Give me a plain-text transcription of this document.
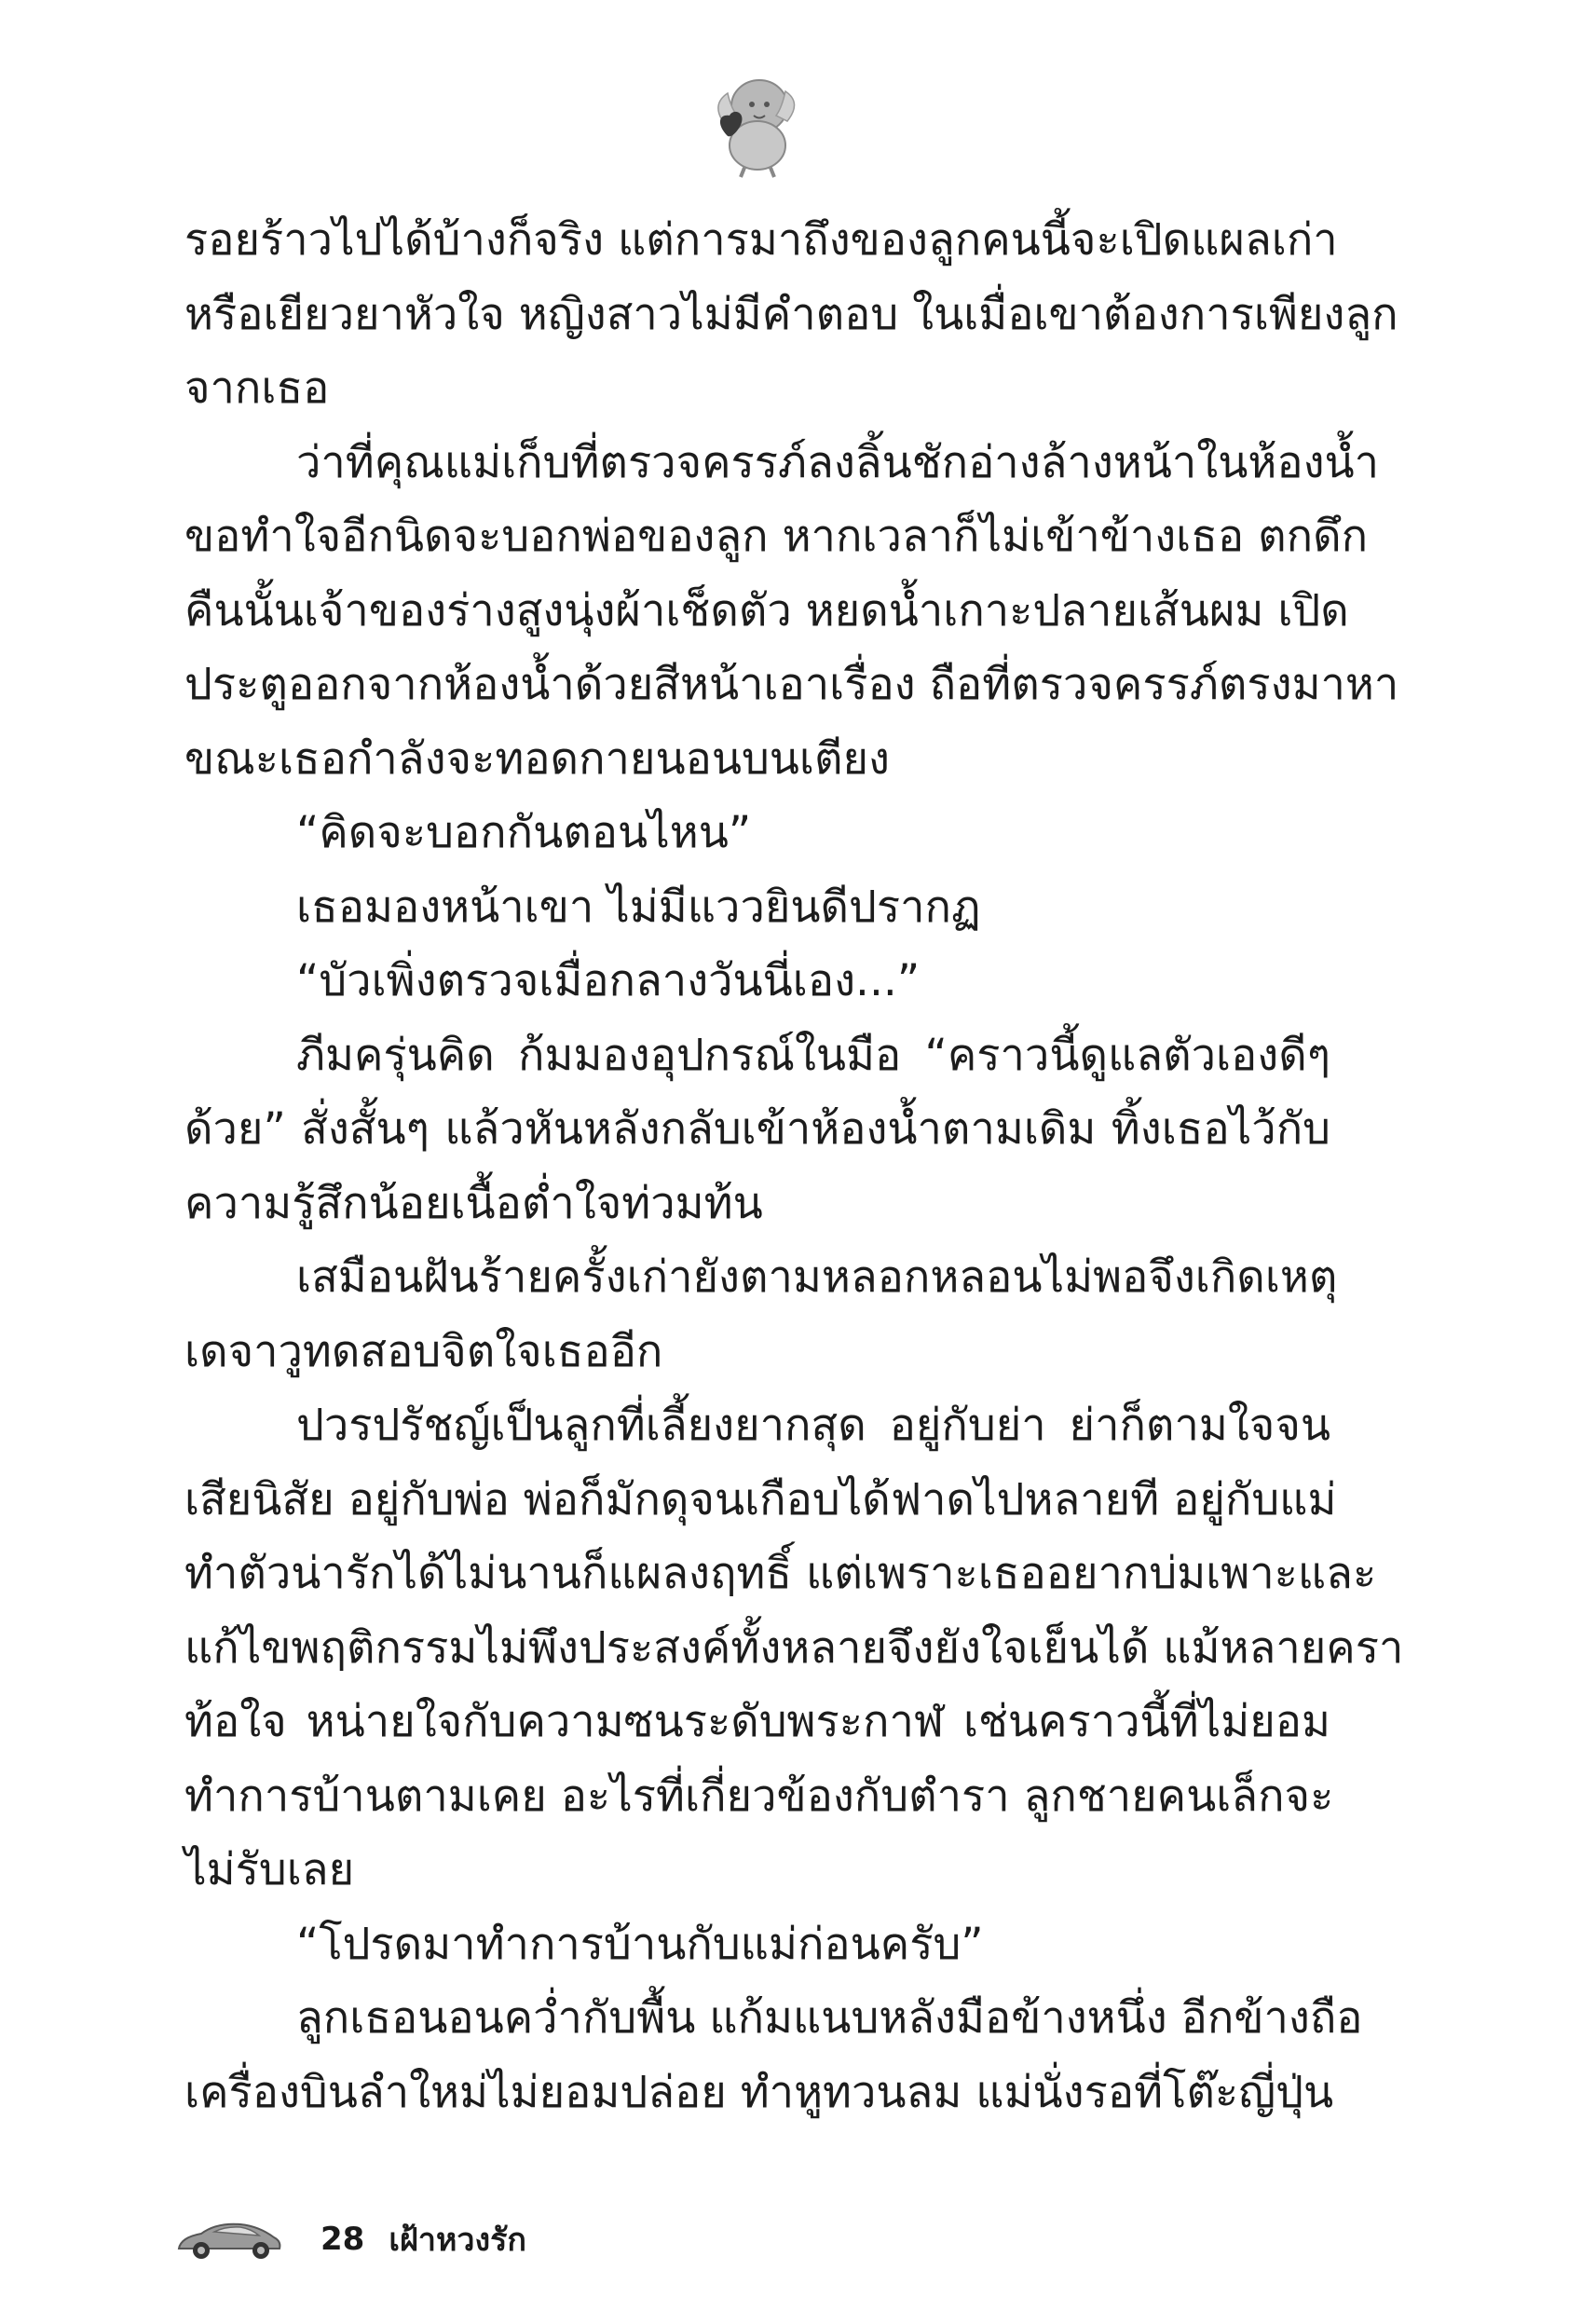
รอยร้าวไปได้บ้างก็จริง แต่การมาถึงของลูกคนนี้จะเปิดแผลเก่า
หรือเยียวยาหัวใจ หญิงสาวไม่มีคำตอบ ในเมื่อเขาต้องการเพียงลูก
จากเธอ
ว่าที่คุณแม่เก็บที่ตรวจครรภ์ลงลิ้นชักอ่างล้างหน้าในห้องน้ำ
ขอทำใจอีกนิดจะบอกพ่อของลูก หากเวลาก็ไม่เข้าข้างเธอ ตกดึก
คืนนั้นเจ้าของร่างสูงนุ่งผ้าเช็ดตัว หยดน้ำเกาะปลายเส้นผม เปิด
ประตูออกจากห้องน้ำด้วยสีหน้าเอาเรื่อง ถือที่ตรวจครรภ์ตรงมาหา
ขณะเธอกำลังจะทอดกายนอนบนเตียง
“คิดจะบอกกันตอนไหน”
เธอมองหน้าเขา ไม่มีแววยินดีปรากฏ
“บัวเพิ่งตรวจเมื่อกลางวันนี่เอง...”
ภีมครุ่นคิด ก้มมองอุปกรณ์ในมือ “คราวนี้ดูแลตัวเองดีๆ
ด้วย” สั่งสั้นๆ แล้วหันหลังกลับเข้าห้องน้ำตามเดิม ทิ้งเธอไว้กับ
ความรู้สึกน้อยเนื้อต่ำใจท่วมท้น
เสมือนฝันร้ายครั้งเก่ายังตามหลอกหลอนไม่พอจึงเกิดเหตุ
เดจาวูทดสอบจิตใจเธออีก
ปวรปรัชญ์เป็นลูกที่เลี้ยงยากสุด อยู่กับย่า ย่าก็ตามใจจน
เสียนิสัย อยู่กับพ่อ พ่อก็มักดุจนเกือบได้ฟาดไปหลายที อยู่กับแม่
ทำตัวน่ารักได้ไม่นานก็แผลงฤทธิ์ แต่เพราะเธออยากบ่มเพาะและ
แก้ไขพฤติกรรมไม่พึงประสงค์ทั้งหลายจึงยังใจเย็นได้ แม้หลายครา
ท้อใจ หน่ายใจกับความซนระดับพระกาฬ เช่นคราวนี้ที่ไม่ยอม
ทำการบ้านตามเคย อะไรที่เกี่ยวข้องกับตำรา ลูกชายคนเล็กจะ
ไม่รับเลย
“โปรดมาทำการบ้านกับแม่ก่อนครับ”
ลูกเธอนอนคว่ำกับพื้น แก้มแนบหลังมือข้างหนึ่ง อีกข้างถือ
เครื่องบินลำใหม่ไม่ยอมปล่อย ทำหูทวนลม แม่นั่งรอที่โต๊ะญี่ปุ่น
28 เฝ้าหวงรัก
